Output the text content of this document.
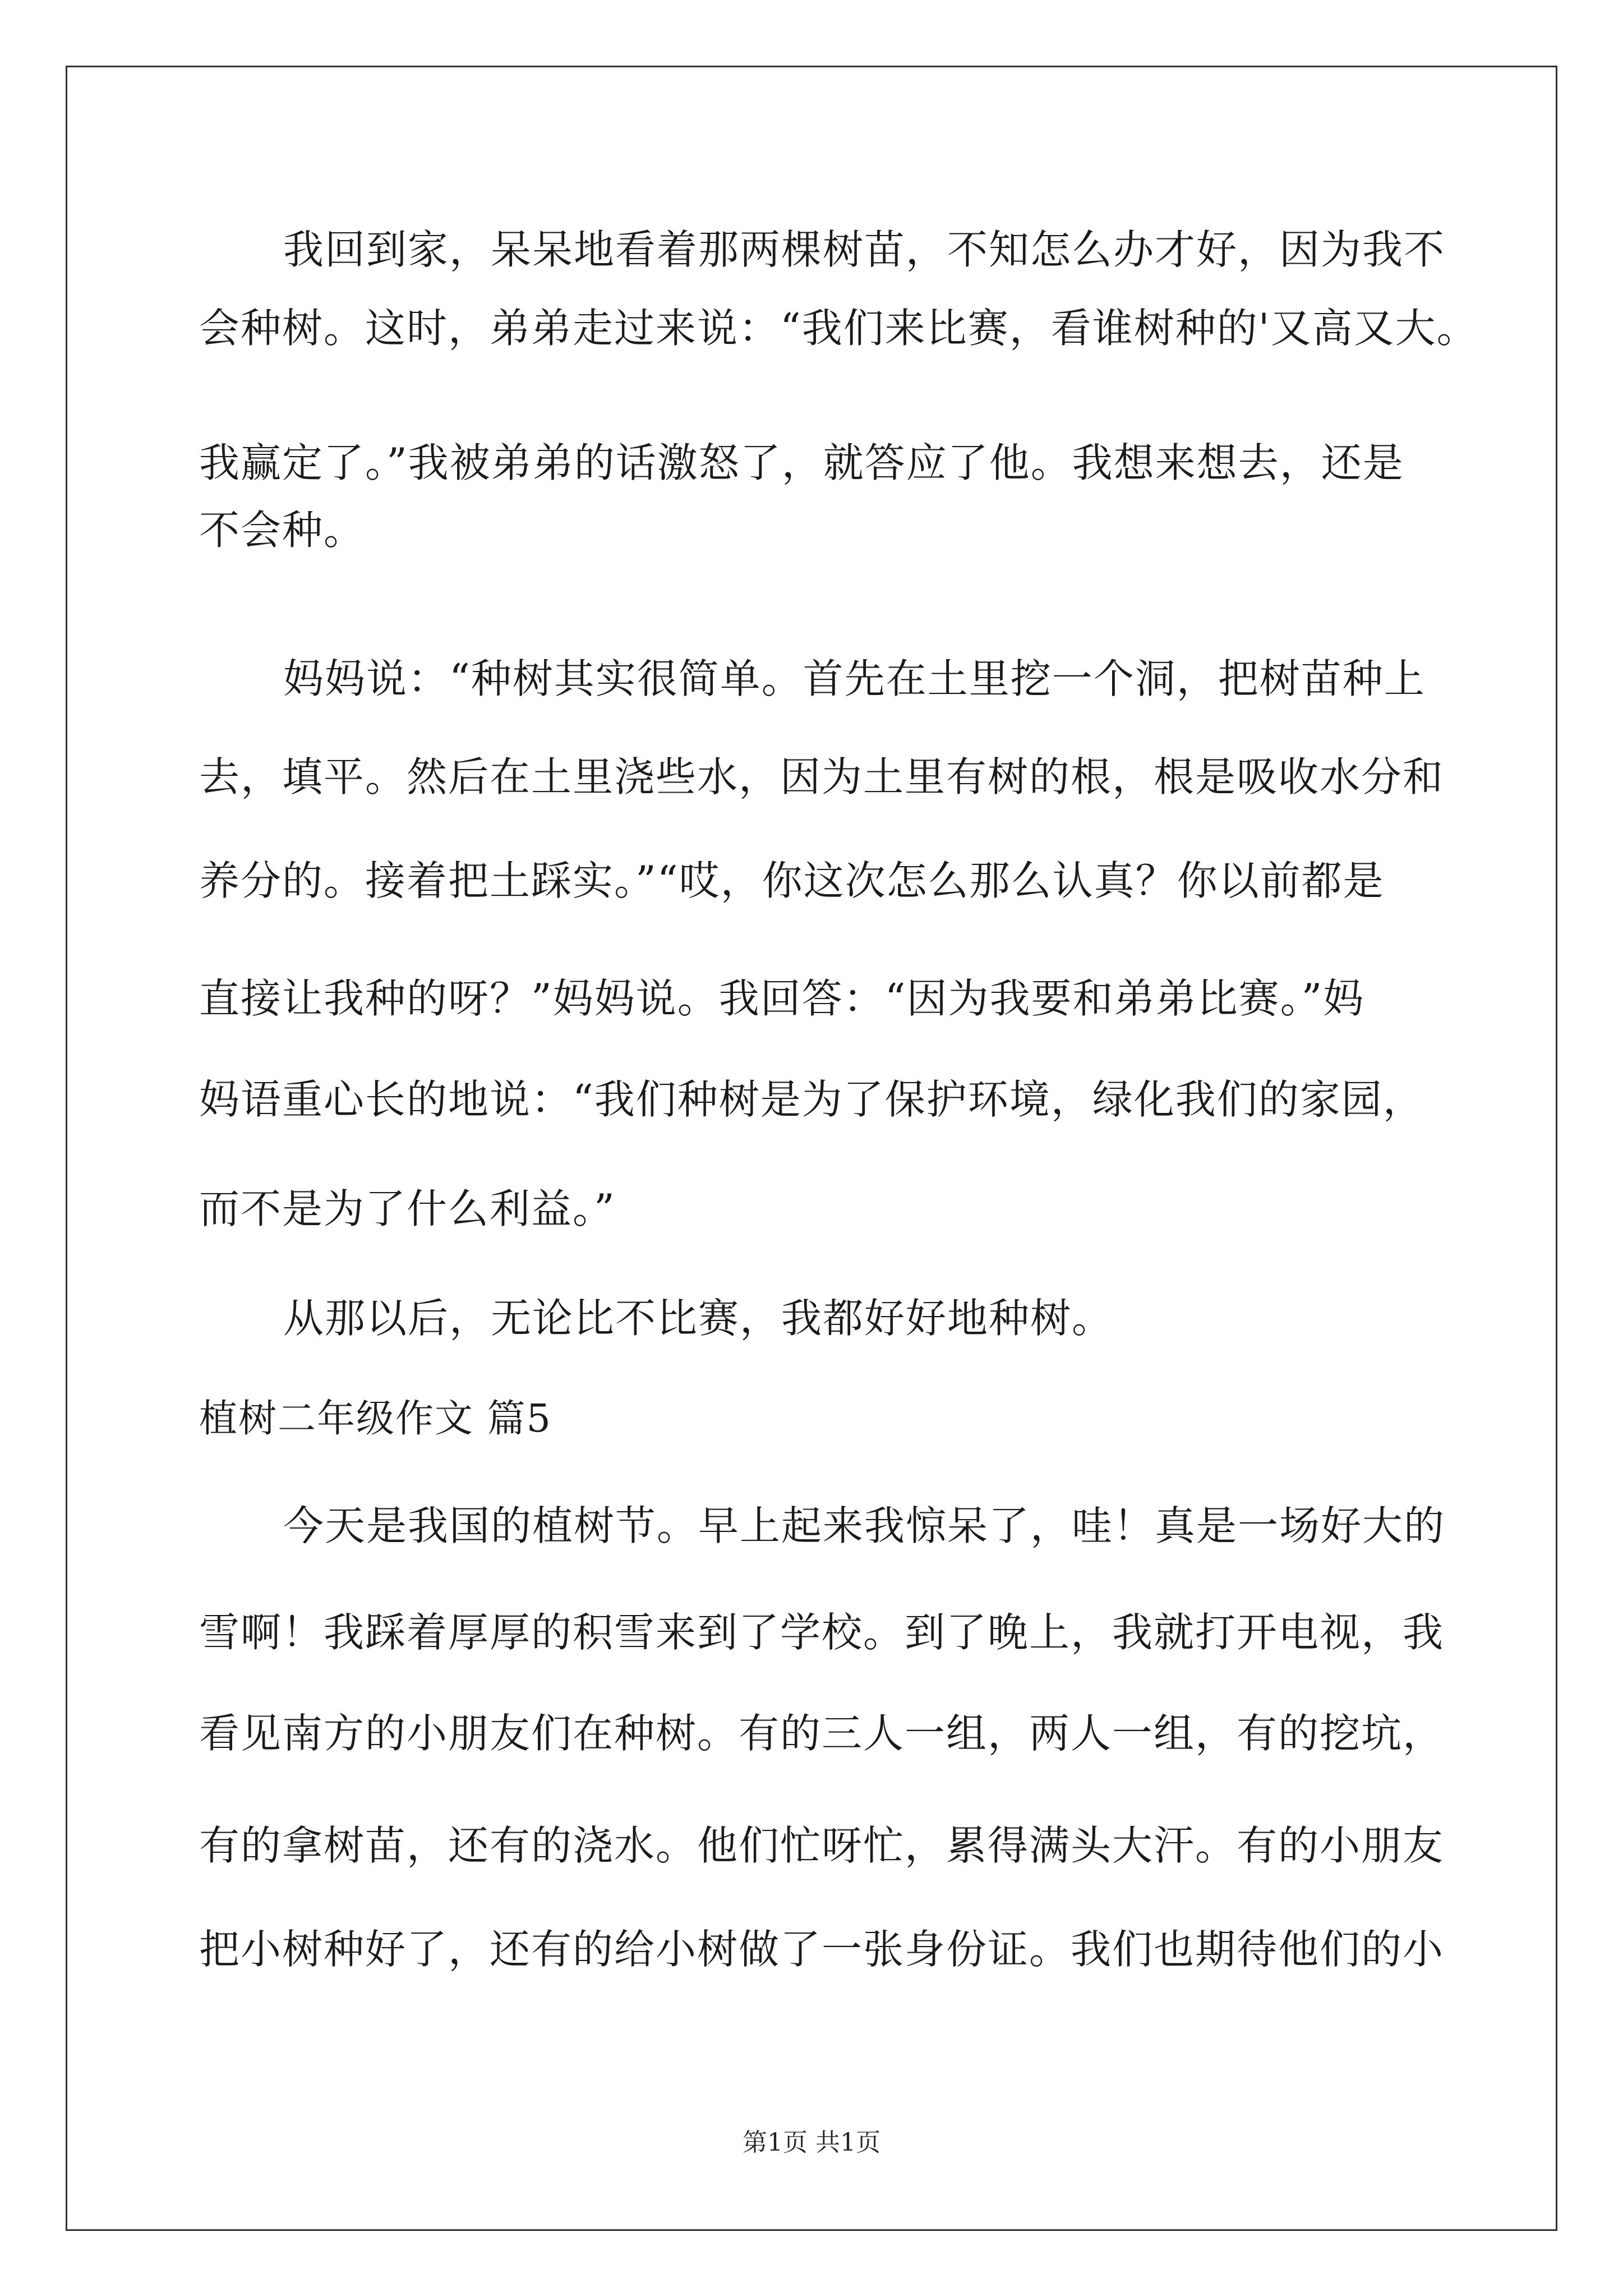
我回到家，呆呆地看着那两棵树苗，不知怎么办才好，因为我不
会种树。这时，弟弟走过来说：“我们来比赛，看谁树种的'又高又大。
我赢定了。”我被弟弟的话激怒了，就答应了他。我想来想去，还是
不会种。
妈妈说：“种树其实很简单。首先在土里挖一个洞，把树苗种上
去，填平。然后在土里浇些水，因为土里有树的根，根是吸收水分和
养分的。接着把土踩实。”“哎，你这次怎么那么认真？你以前都是
直接让我种的呀？”妈妈说。我回答：“因为我要和弟弟比赛。”妈
妈语重心长的地说：“我们种树是为了保护环境，绿化我们的家园，
而不是为了什么利益。”
从那以后，无论比不比赛，我都好好地种树。
植树二年级作文 篇5
今天是我国的植树节。早上起来我惊呆了，哇！真是一场好大的
雪啊！我踩着厚厚的积雪来到了学校。到了晚上，我就打开电视，我
看见南方的小朋友们在种树。有的三人一组，两人一组，有的挖坑，
有的拿树苗，还有的浇水。他们忙呀忙，累得满头大汗。有的小朋友
把小树种好了，还有的给小树做了一张身份证。我们也期待他们的小
第1页 共1页
